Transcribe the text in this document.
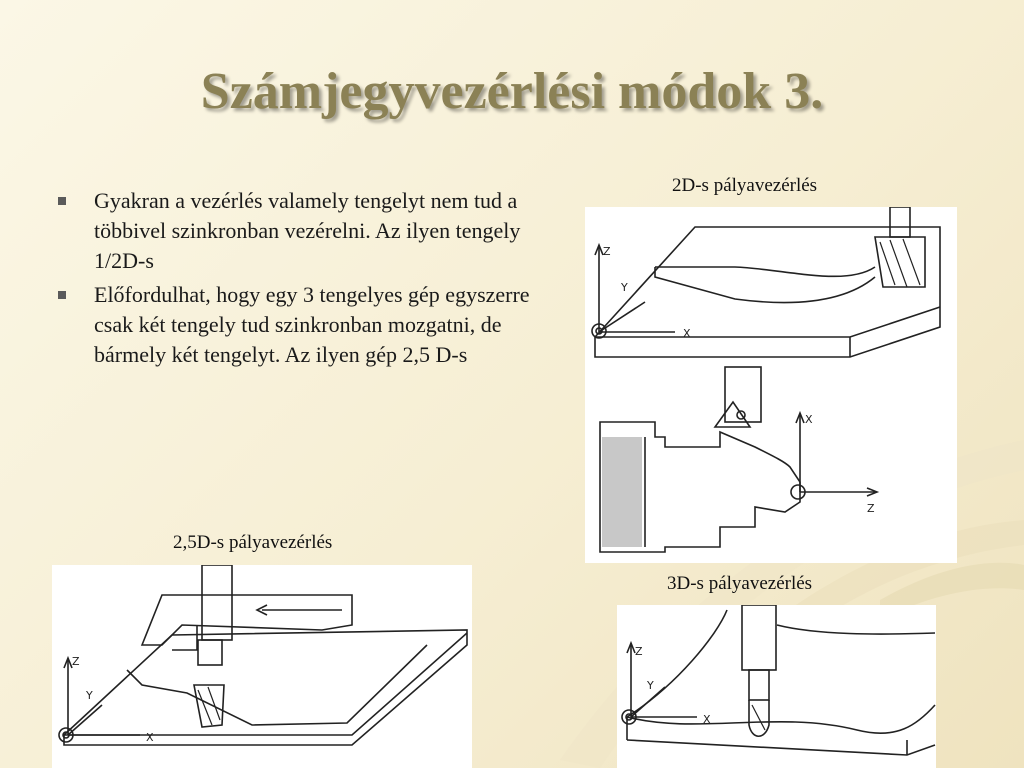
Számjegyvezérlési módok 3.
Gyakran a vezérlés valamely tengelyt nem tud a többivel szinkronban vezérelni. Az ilyen tengely 1/2D-s
Előfordulhat, hogy egy 3 tengelyes gép egyszerre csak két tengely tud szinkronban mozgatni, de bármely két tengelyt. Az ilyen gép 2,5 D-s
2D-s pályavezérlés
Z
Y
X
X
Z
2,5D-s pályavezérlés
Z
Y
X
3D-s pályavezérlés
Z
Y
X
